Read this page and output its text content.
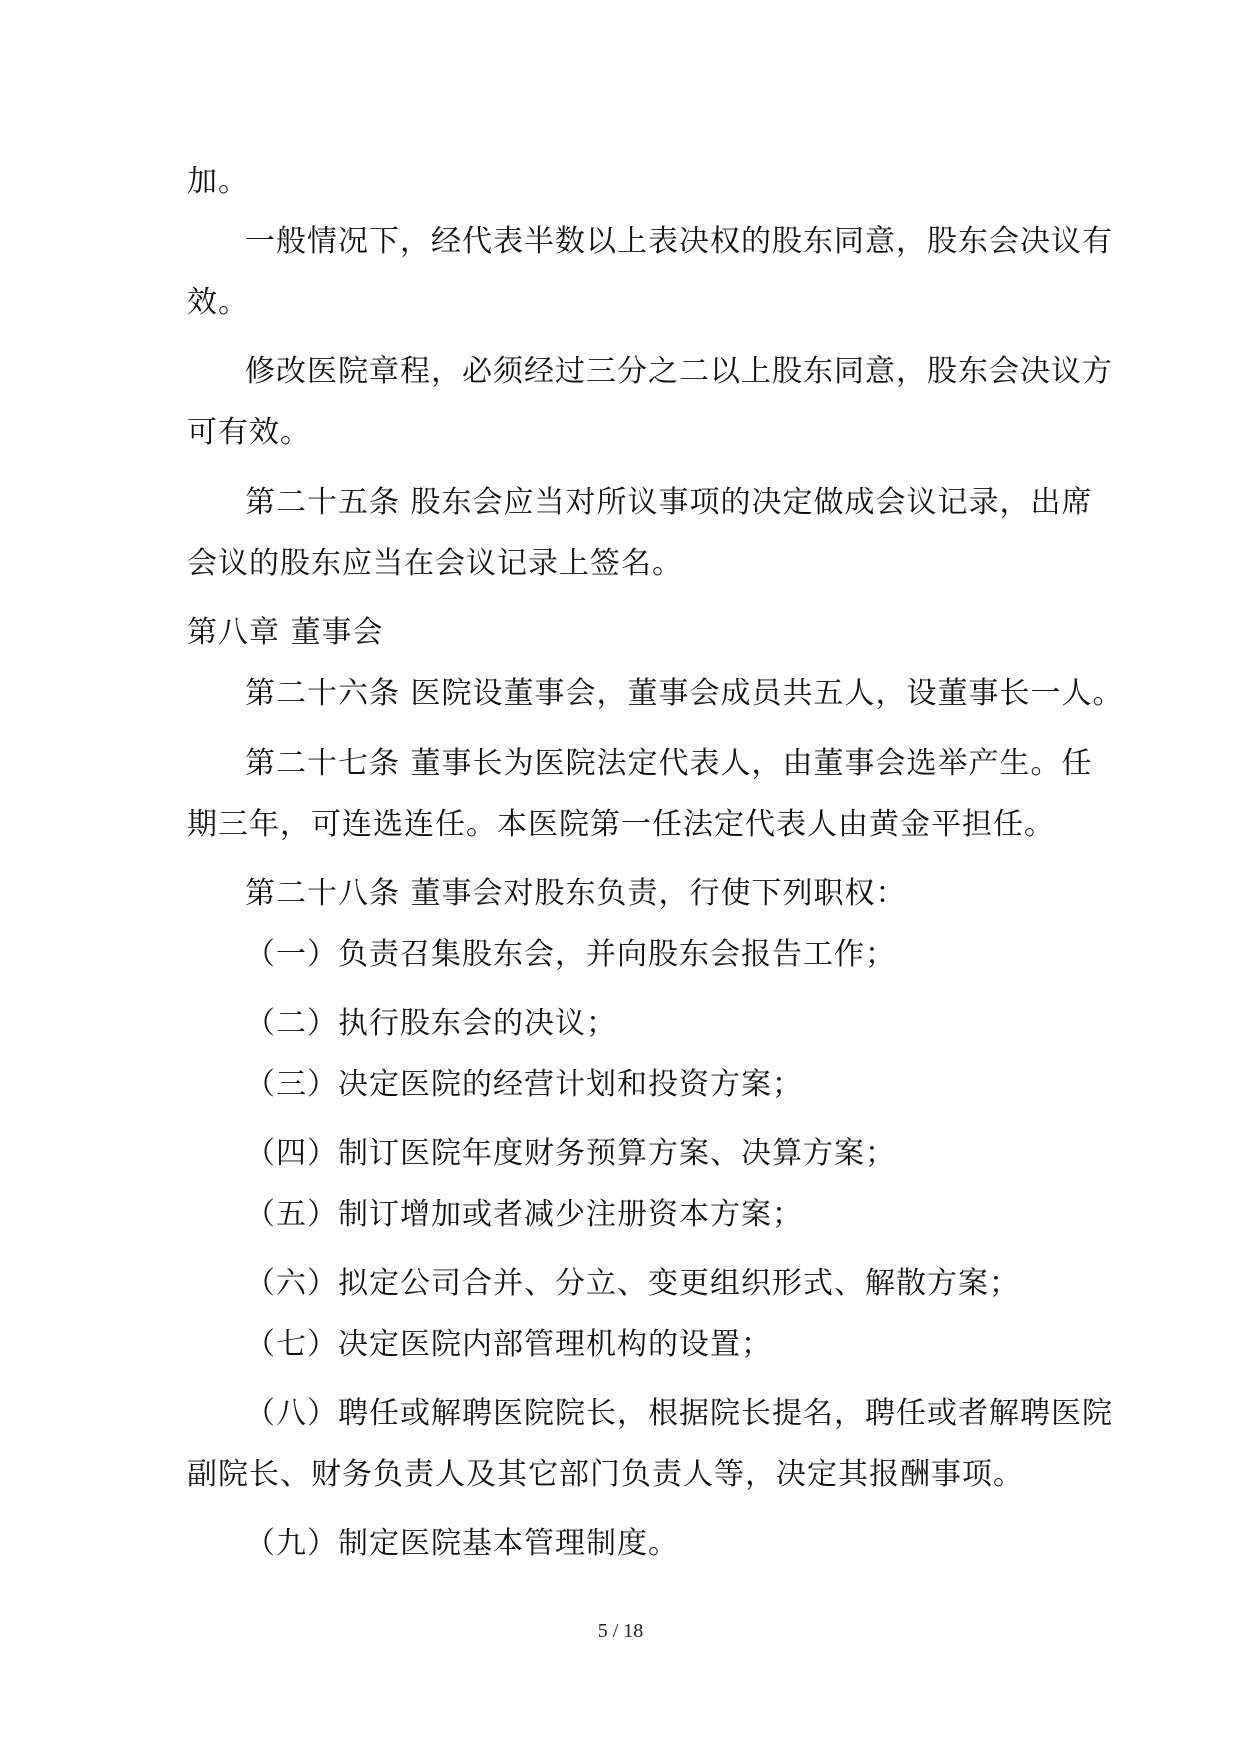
加。
一般情况下，经代表半数以上表决权的股东同意，股东会决议有
效。
修改医院章程，必须经过三分之二以上股东同意，股东会决议方
可有效。
第二十五条 股东会应当对所议事项的决定做成会议记录，出席
会议的股东应当在会议记录上签名。
第八章 董事会
第二十六条 医院设董事会，董事会成员共五人，设董事长一人。
第二十七条 董事长为医院法定代表人，由董事会选举产生。任
期三年，可连选连任。本医院第一任法定代表人由黄金平担任。
第二十八条 董事会对股东负责，行使下列职权：
（一）负责召集股东会，并向股东会报告工作；
（二）执行股东会的决议；
（三）决定医院的经营计划和投资方案；
（四）制订医院年度财务预算方案、决算方案；
（五）制订增加或者减少注册资本方案；
（六）拟定公司合并、分立、变更组织形式、解散方案；
（七）决定医院内部管理机构的设置；
（八）聘任或解聘医院院长，根据院长提名，聘任或者解聘医院
副院长、财务负责人及其它部门负责人等，决定其报酬事项。
（九）制定医院基本管理制度。
5 / 18
